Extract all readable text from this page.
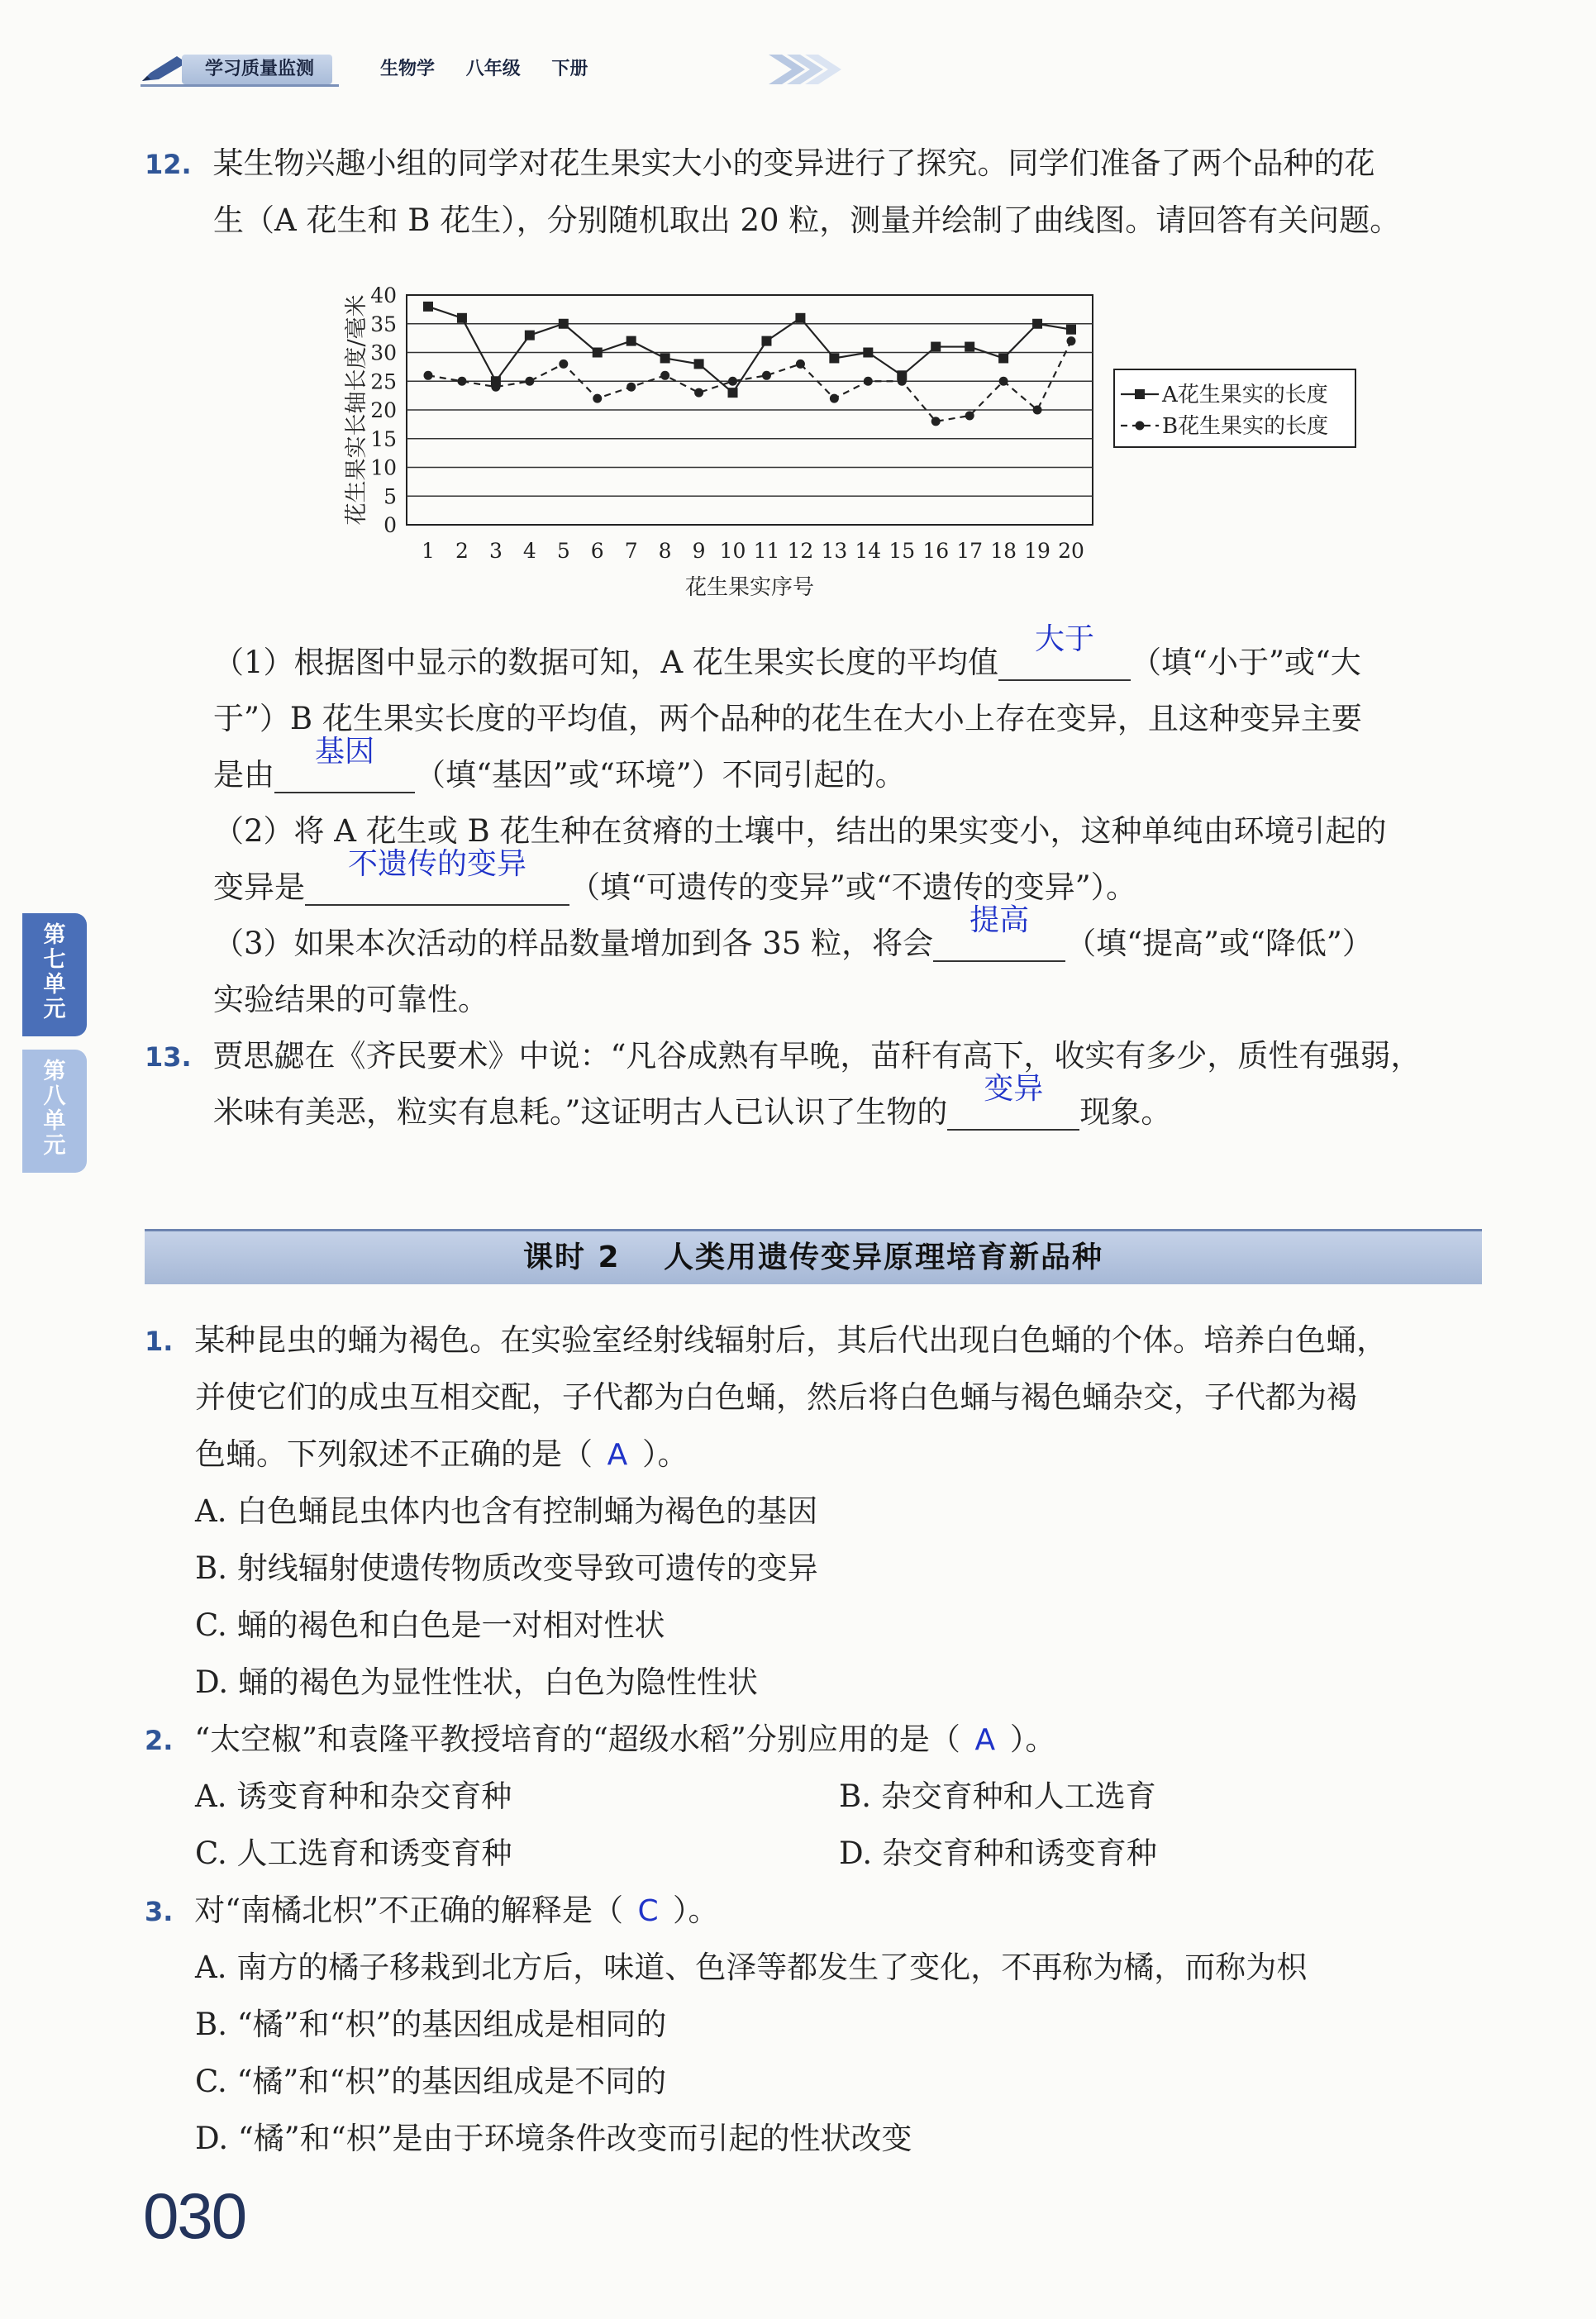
学习质量监测	生物学 八年级 下册
12. 某生物兴趣小组的同学对花生果实大小的变异进行了探究。同学们准备了两个品种的花
生（A 花生和 B 花生），分别随机取出 20 粒，测量并绘制了曲线图。请回答有关问题。
0
5
10
15
20
25
30
35
40
1 2 3 4 5 6 7 8 9 10 11 12 13 14 15 16 17 18 19 20
花生果实序号
花生果实长轴长度/毫米	A花生果实的长度
B花生果实的长度
（1）根据图中显示的数据可知，A 花生果实长度的平均值
大于
（填“小于”或“大
于”）B 花生果实长度的平均值，两个品种的花生在大小上存在变异，且这种变异主要
是由
基因
（填“基因”或“环境”）不同引起的。
（2）将 A 花生或 B 花生种在贫瘠的土壤中，结出的果实变小，这种单纯由环境引起的
变异是
不遗传的变异
（填“可遗传的变异”或“不遗传的变异”）。
（3）如果本次活动的样品数量增加到各 35 粒，将会
提高
（填“提高”或“降低”）
实验结果的可靠性。
13. 贾思勰在《齐民要术》中说：“凡谷成熟有早晚，苗秆有高下，收实有多少，质性有强弱，
米味有美恶，粒实有息耗。”这证明古人已认识了生物的
变异
现象。
第七单元
第八单元
课时 2　 人类用遗传变异原理培育新品种
1. 某种昆虫的蛹为褐色。在实验室经射线辐射后，其后代出现白色蛹的个体。培养白色蛹，
并使它们的成虫互相交配，子代都为白色蛹，然后将白色蛹与褐色蛹杂交，子代都为褐
色蛹。下列叙述不正确的是（ A ）。
A. 白色蛹昆虫体内也含有控制蛹为褐色的基因
B. 射线辐射使遗传物质改变导致可遗传的变异
C. 蛹的褐色和白色是一对相对性状
D. 蛹的褐色为显性性状，白色为隐性性状
2. “太空椒”和袁隆平教授培育的“超级水稻”分别应用的是（ A ）。
A. 诱变育种和杂交育种	B. 杂交育种和人工选育
C. 人工选育和诱变育种	D. 杂交育种和诱变育种
3. 对“南橘北枳”不正确的解释是（ C ）。
A. 南方的橘子移栽到北方后，味道、色泽等都发生了变化，不再称为橘，而称为枳
B. “橘”和“枳”的基因组成是相同的
C. “橘”和“枳”的基因组成是不同的
D. “橘”和“枳”是由于环境条件改变而引起的性状改变
030
